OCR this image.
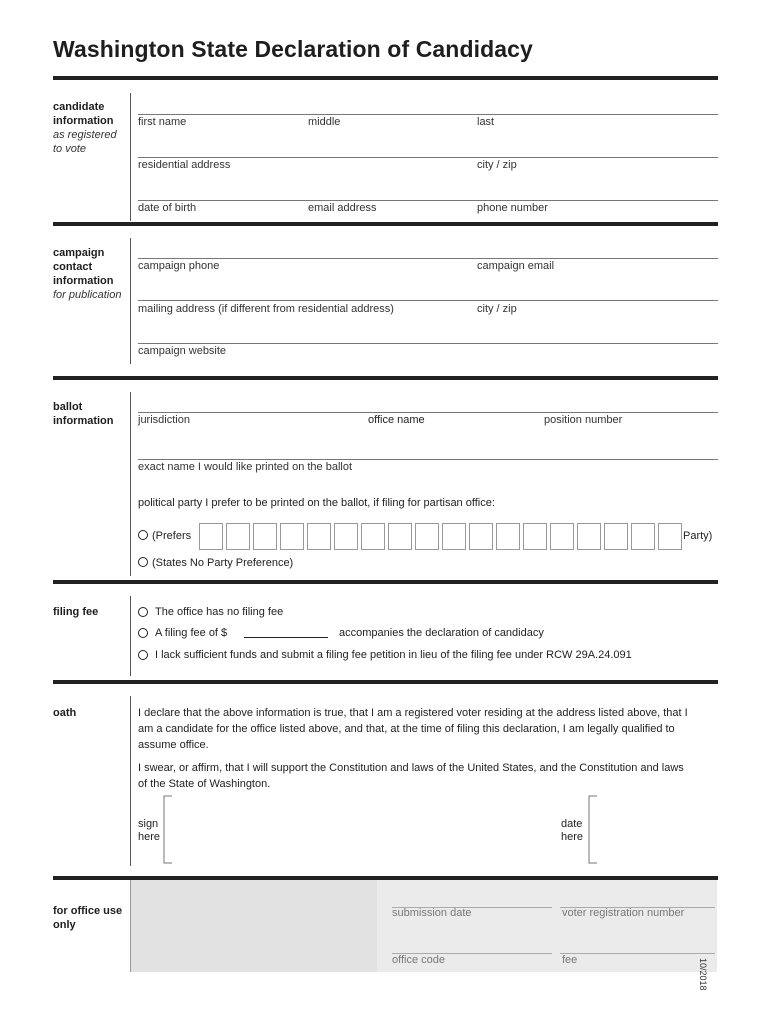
Washington State Declaration of Candidacy
candidate information
as registered to vote
first name	middle	last
residential address	city / zip
date of birth	email address	phone number
campaign contact information
for publication
campaign phone	campaign email
mailing address (if different from residential address)	city / zip
campaign website
ballot information	jurisdiction	office name	position number
exact name I would like printed on the ballot
political party I prefer to be printed on the ballot, if filing for partisan office:
(Prefers	Party)
(States No Party Preference)
filing fee	The office has no filing fee
A filing fee of $	accompanies the declaration of candidacy
I lack sufficient funds and submit a filing fee petition in lieu of the filing fee under RCW 29A.24.091
oath	I declare that the above information is true, that I am a registered voter residing at the address listed above, that I am a candidate for the office listed above, and that, at the time of filing this declaration, I am legally qualified to assume office.
I swear, or affirm, that I will support the Constitution and laws of the United States, and the Constitution and laws of the State of Washington.
sign here
date here
for office use only
submission date	voter registration number
office code	fee	10/2018
